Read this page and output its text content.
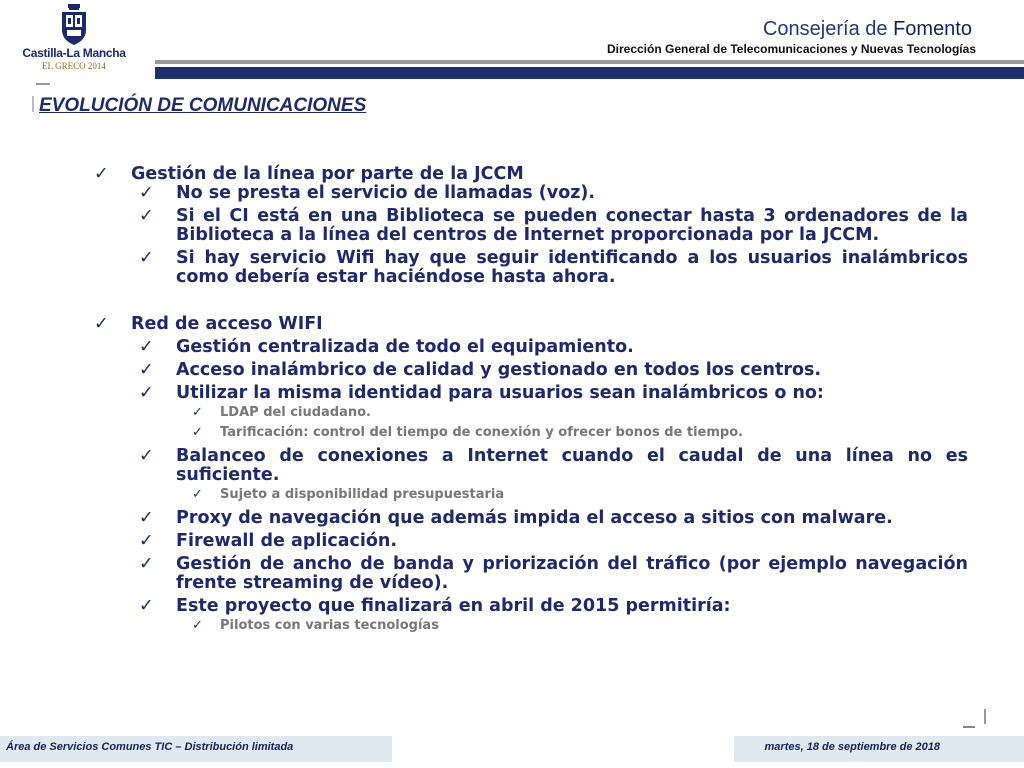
Castilla-La Mancha
EL GRECO 2014
Consejería de Fomento
Dirección General de Telecomunicaciones y Nuevas Tecnologías
EVOLUCIÓN DE COMUNICACIONES
✓	Gestión de la línea por parte de la JCCM
✓	No se presta el servicio de llamadas (voz).
✓	Si el CI está en una Biblioteca se pueden conectar hasta 3 ordenadores de la Biblioteca a la línea del centros de Internet proporcionada por la JCCM.
✓	Si hay servicio Wifi hay que seguir identificando a los usuarios inalámbricos como debería estar haciéndose hasta ahora.
✓	Red de acceso WIFI
✓	Gestión centralizada de todo el equipamiento.
✓	Acceso inalámbrico de calidad y gestionado en todos los centros.
✓	Utilizar la misma identidad para usuarios sean inalámbricos o no:
✓	LDAP del ciudadano.
✓	Tarificación: control del tiempo de conexión y ofrecer bonos de tiempo.
✓	Balanceo de conexiones a Internet cuando el caudal de una línea no es suficiente.
✓	Sujeto a disponibilidad presupuestaria
✓	Proxy de navegación que además impida el acceso a sitios con malware.
✓	Firewall de aplicación.
✓	Gestión de ancho de banda y priorización del tráfico (por ejemplo navegación frente streaming de vídeo).
✓	Este proyecto que finalizará en abril de 2015 permitiría:
✓	Pilotos con varias tecnologías
Área de Servicios Comunes TIC – Distribución limitada	martes, 18 de septiembre de 2018
